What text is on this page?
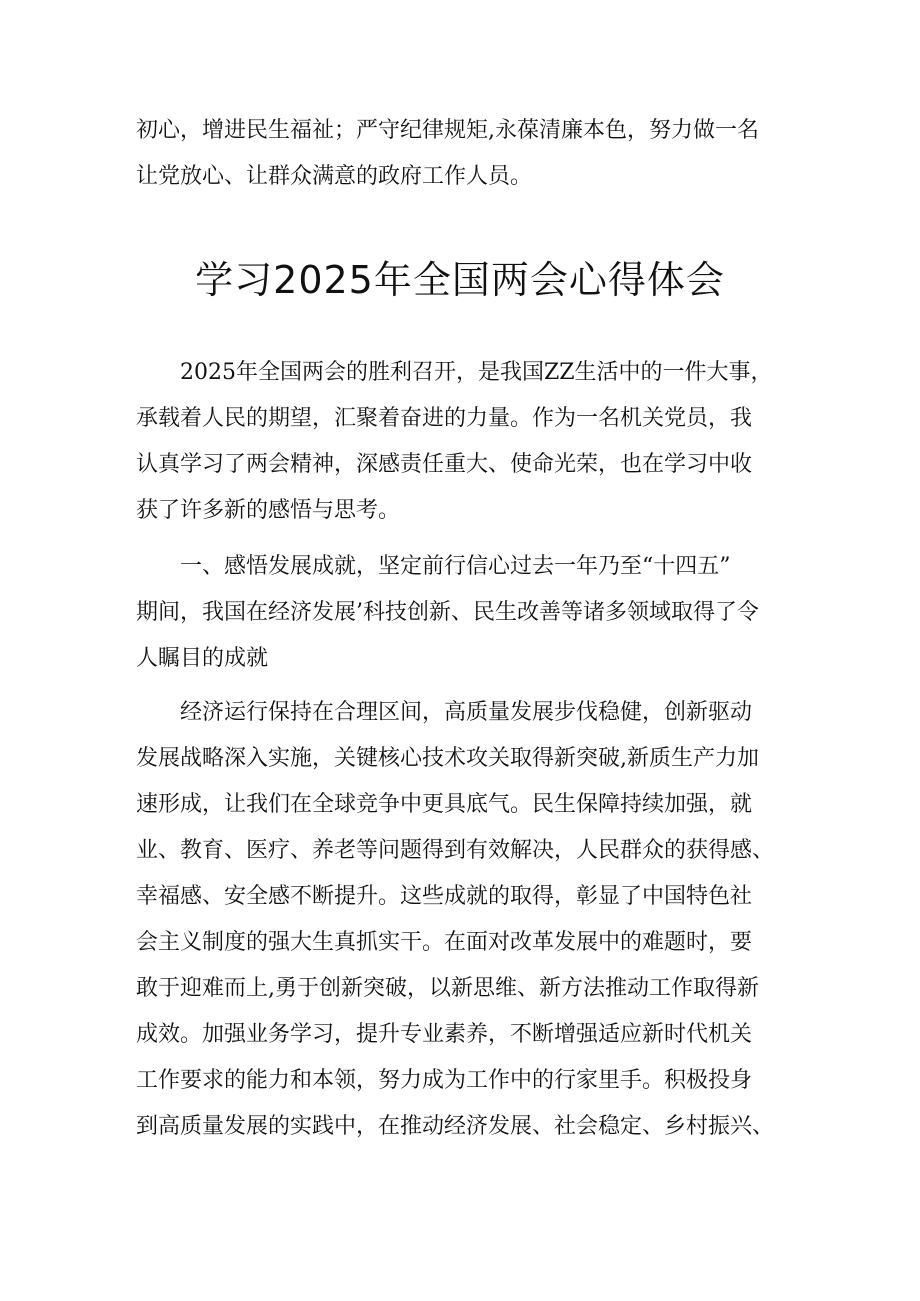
初心，增进民生福祉；严守纪律规矩,永葆清廉本色，努力做一名
让党放心、让群众满意的政府工作人员。
学习2025年全国两会心得体会
2025年全国两会的胜利召开，是我国ZZ生活中的一件大事，
承载着人民的期望，汇聚着奋进的力量。作为一名机关党员，我
认真学习了两会精神，深感责任重大、使命光荣，也在学习中收
获了许多新的感悟与思考。
一、感悟发展成就，坚定前行信心过去一年乃至“十四五”
期间，我国在经济发展’科技创新、民生改善等诸多领域取得了令
人瞩目的成就
经济运行保持在合理区间，高质量发展步伐稳健，创新驱动
发展战略深入实施，关键核心技术攻关取得新突破,新质生产力加
速形成，让我们在全球竞争中更具底气。民生保障持续加强，就
业、教育、医疗、养老等问题得到有效解决，人民群众的获得感、
幸福感、安全感不断提升。这些成就的取得，彰显了中国特色社
会主义制度的强大生真抓实干。在面对改革发展中的难题时，要
敢于迎难而上,勇于创新突破，以新思维、新方法推动工作取得新
成效。加强业务学习，提升专业素养，不断增强适应新时代机关
工作要求的能力和本领，努力成为工作中的行家里手。积极投身
到高质量发展的实践中，在推动经济发展、社会稳定、乡村振兴、
